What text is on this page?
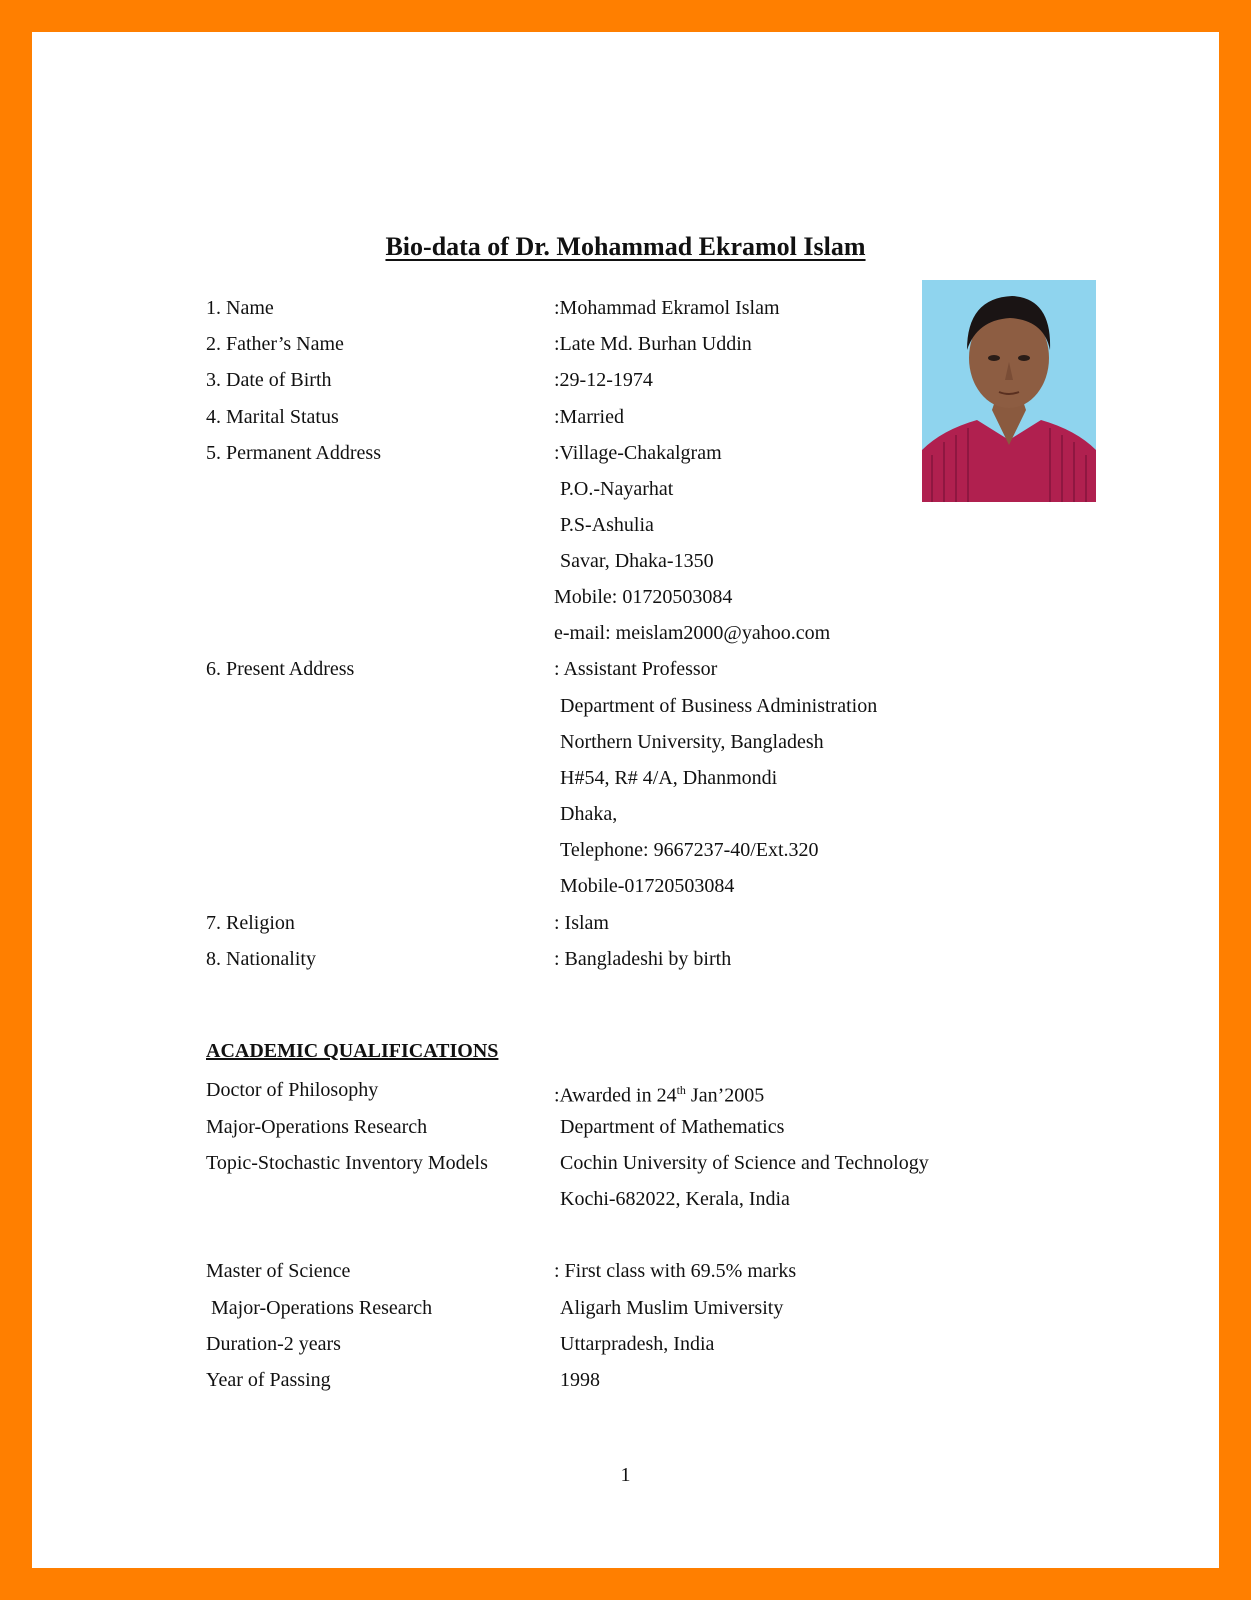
Bio-data of Dr. Mohammad Ekramol Islam
1. Name	:Mohammad Ekramol Islam
2. Father’s Name	:Late Md. Burhan Uddin
3. Date of Birth	:29-12-1974
4. Marital Status	:Married
5. Permanent Address	:Village-Chakalgram
P.O.-Nayarhat
P.S-Ashulia
Savar, Dhaka-1350
Mobile: 01720503084
e-mail: meislam2000@yahoo.com
6. Present Address	: Assistant Professor
Department of Business Administration
Northern University, Bangladesh
H#54, R# 4/A, Dhanmondi
Dhaka,
Telephone: 9667237-40/Ext.320
Mobile-01720503084
7. Religion	: Islam
8. Nationality	: Bangladeshi by birth
ACADEMIC QUALIFICATIONS
Doctor of Philosophy	:Awarded in 24th Jan’2005
Major-Operations Research	Department of Mathematics
Topic-Stochastic Inventory Models	Cochin University of Science and Technology
Kochi-682022, Kerala, India
Master of Science	: First class with 69.5% marks
Major-Operations Research	Aligarh Muslim Umiversity
Duration-2 years	Uttarpradesh, India
Year of Passing	1998
1
